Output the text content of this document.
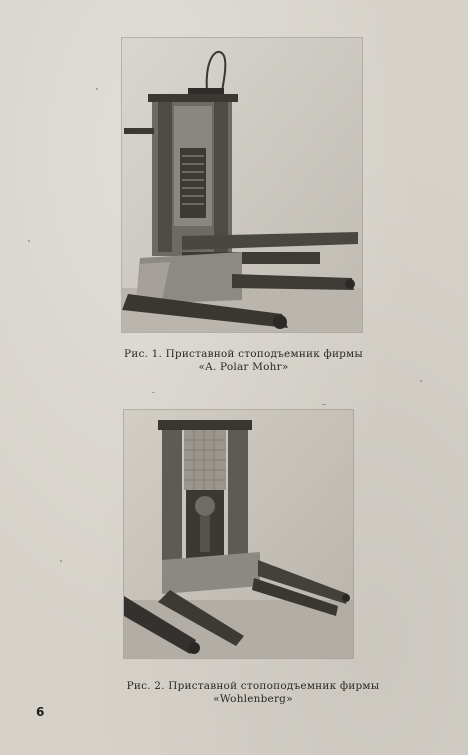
Рис. 1. Приставной стоподъемник фирмы
«A. Polar Mohr»
Рис. 2. Приставной стопоподъемник фирмы
«Wohlenberg»
6
